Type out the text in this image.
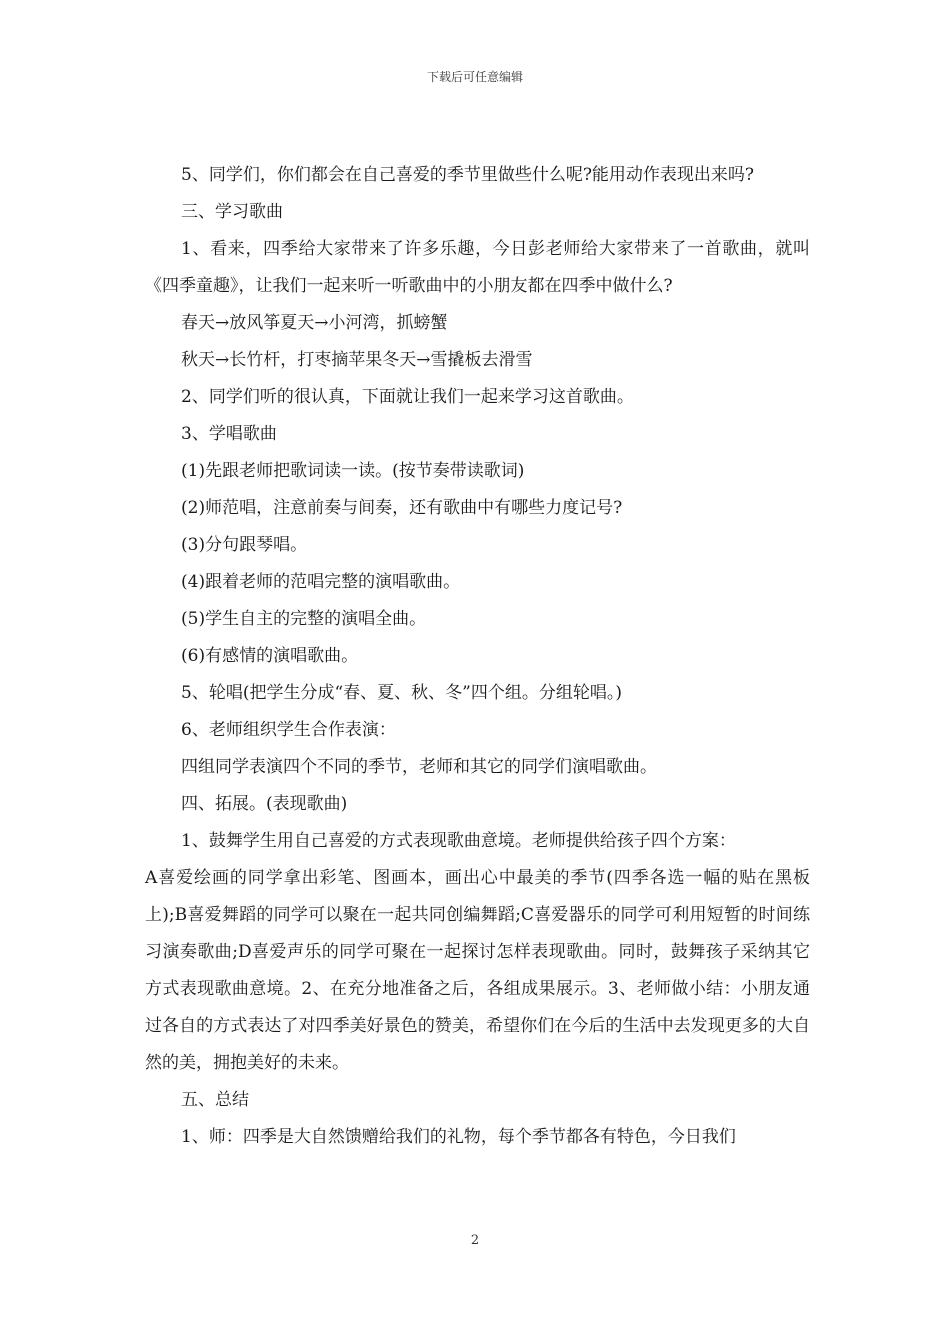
下载后可任意编辑

5、同学们，你们都会在自己喜爱的季节里做些什么呢?能用动作表现出来吗?

三、学习歌曲

1、看来，四季给大家带来了许多乐趣，今日彭老师给大家带来了一首歌曲，就叫《四季童趣》，让我们一起来听一听歌曲中的小朋友都在四季中做什么?

春天→放风筝夏天→小河湾，抓螃蟹

秋天→长竹杆，打枣摘苹果冬天→雪撬板去滑雪

2、同学们听的很认真，下面就让我们一起来学习这首歌曲。

3、学唱歌曲

(1)先跟老师把歌词读一读。(按节奏带读歌词)

(2)师范唱，注意前奏与间奏，还有歌曲中有哪些力度记号?

(3)分句跟琴唱。

(4)跟着老师的范唱完整的演唱歌曲。

(5)学生自主的完整的演唱全曲。

(6)有感情的演唱歌曲。

5、轮唱(把学生分成“春、夏、秋、冬”四个组。分组轮唱。)

6、老师组织学生合作表演：

四组同学表演四个不同的季节，老师和其它的同学们演唱歌曲。

四、拓展。(表现歌曲)

1、鼓舞学生用自己喜爱的方式表现歌曲意境。老师提供给孩子四个方案：

A喜爱绘画的同学拿出彩笔、图画本，画出心中最美的季节(四季各选一幅的贴在黑板上);B喜爱舞蹈的同学可以聚在一起共同创编舞蹈;C喜爱器乐的同学可利用短暂的时间练习演奏歌曲;D喜爱声乐的同学可聚在一起探讨怎样表现歌曲。同时，鼓舞孩子采纳其它方式表现歌曲意境。2、在充分地准备之后，各组成果展示。3、老师做小结：小朋友通过各自的方式表达了对四季美好景色的赞美，希望你们在今后的生活中去发现更多的大自然的美，拥抱美好的未来。

五、总结

1、师：四季是大自然馈赠给我们的礼物，每个季节都各有特色，今日我们

2
